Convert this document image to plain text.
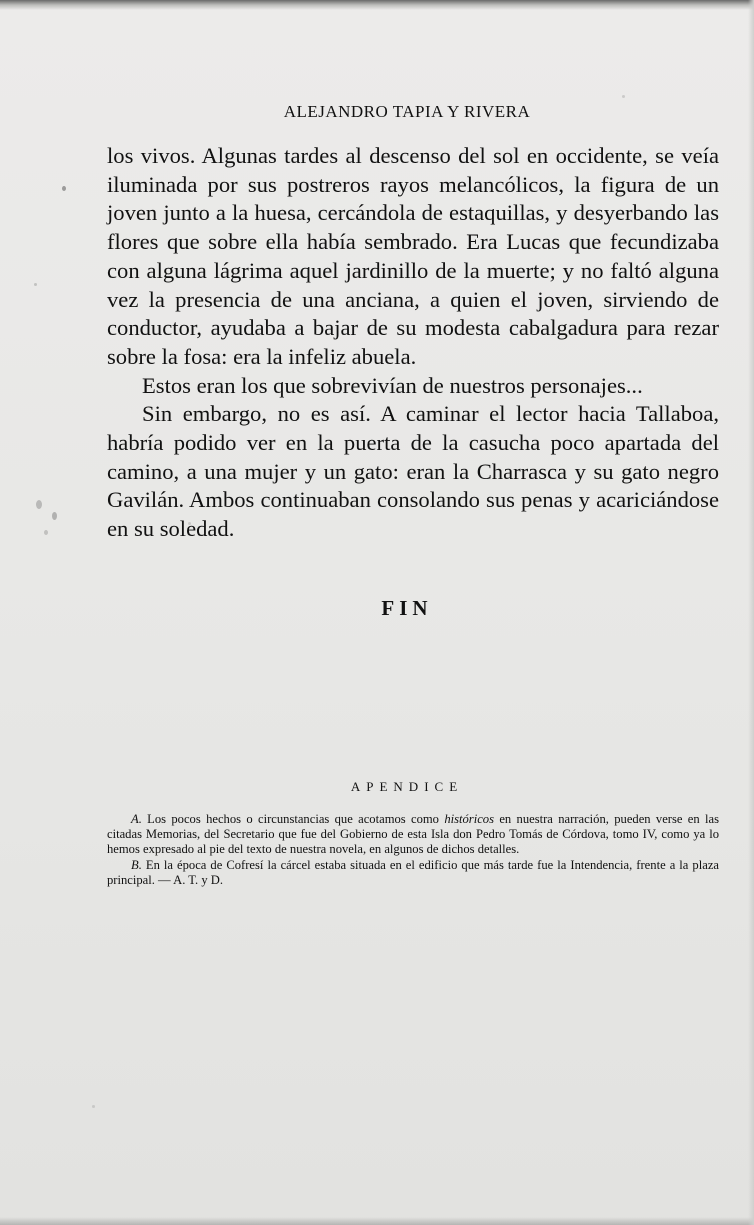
ALEJANDRO TAPIA Y RIVERA

los vivos. Algunas tardes al descenso del sol en occidente, se veía iluminada por sus postreros rayos melancólicos, la figura de un joven junto a la huesa, cercándola de estaquillas, y desyerbando las flores que sobre ella había sembrado. Era Lucas que fecundizaba con alguna lágrima aquel jardinillo de la muerte; y no faltó alguna vez la presencia de una anciana, a quien el joven, sirviendo de conductor, ayudaba a bajar de su modesta cabalgadura para rezar sobre la fosa: era la infeliz abuela.

Estos eran los que sobrevivían de nuestros personajes...

Sin embargo, no es así. A caminar el lector hacia Tallaboa, habría podido ver en la puerta de la casucha poco apartada del camino, a una mujer y un gato: eran la Charrasca y su gato negro Gavilán. Ambos continuaban consolando sus penas y acariciándose en su soledad.

FIN
APENDICE

A. Los pocos hechos o circunstancias que acotamos como históricos en nuestra narración, pueden verse en las citadas Memorias, del Secretario que fue del Gobierno de esta Isla don Pedro Tomás de Córdova, tomo IV, como ya lo hemos expresado al pie del texto de nuestra novela, en algunos de dichos detalles.

B. En la época de Cofresí la cárcel estaba situada en el edificio que más tarde fue la Intendencia, frente a la plaza principal. — A. T. y D.
